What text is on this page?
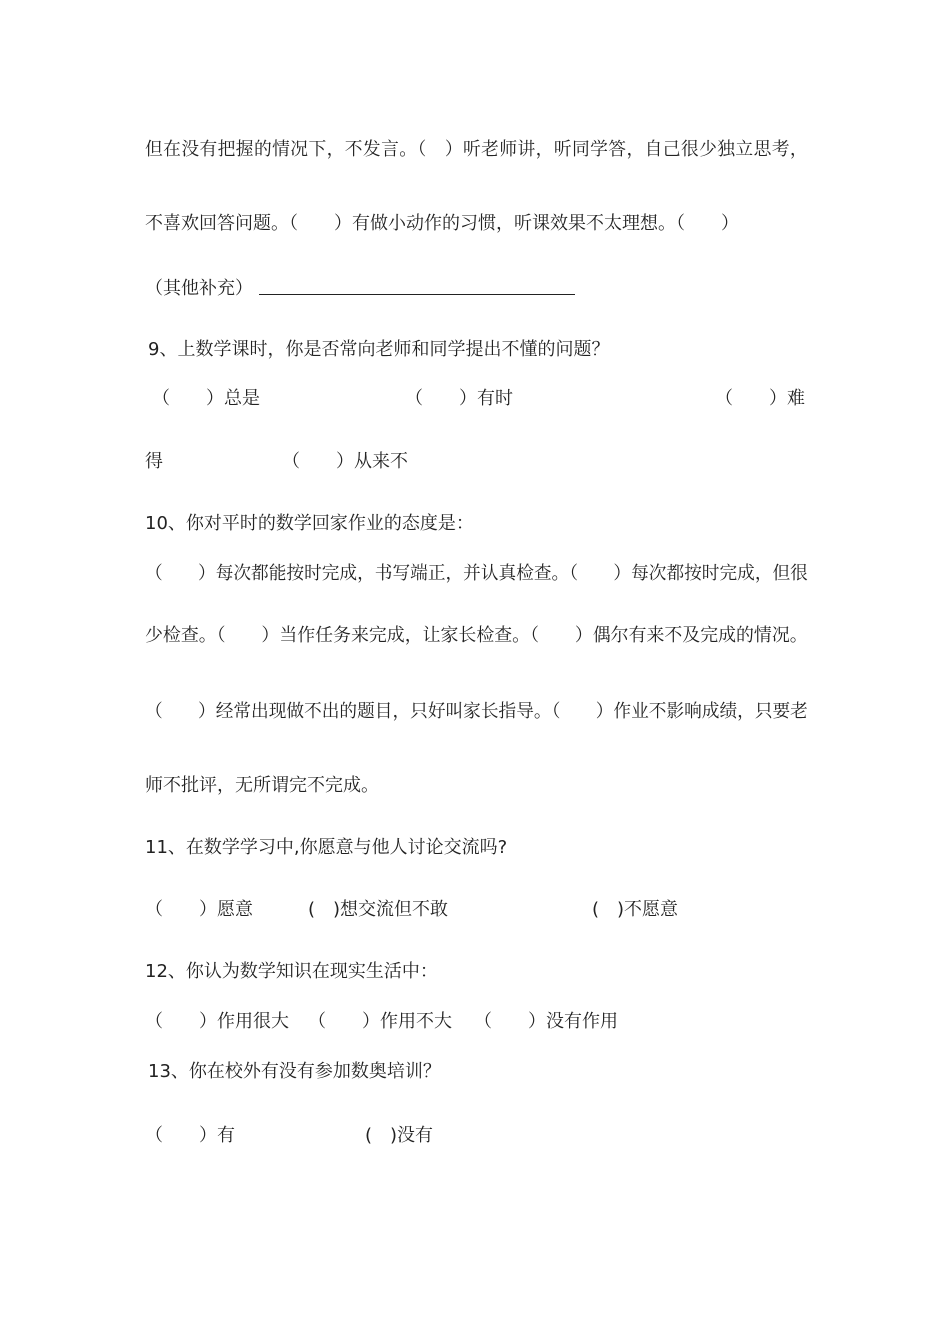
但在没有把握的情况下，不发言。（　）听老师讲，听同学答，自己很少独立思考，
不喜欢回答问题。（　　）有做小动作的习惯，听课效果不太理想。（　　）
（其他补充）
9、上数学课时，你是否常向老师和同学提出不懂的问题？
（　　）总是	（　　）有时	（　　）难
得	（　　）从来不
10、你对平时的数学回家作业的态度是：
（　　）每次都能按时完成，书写端正，并认真检查。（　　）每次都按时完成，但很
少检查。（　　）当作任务来完成，让家长检查。（　　）偶尔有来不及完成的情况。
（　　）经常出现做不出的题目，只好叫家长指导。（　　）作业不影响成绩，只要老
师不批评，无所谓完不完成。
11、在数学学习中,你愿意与他人讨论交流吗?
（　　）愿意	(　)想交流但不敢	(　)不愿意
12、你认为数学知识在现实生活中：
（　　）作用很大 （　　）作用不大 （　　）没有作用
13、你在校外有没有参加数奥培训？
（　　）有	(　)没有
